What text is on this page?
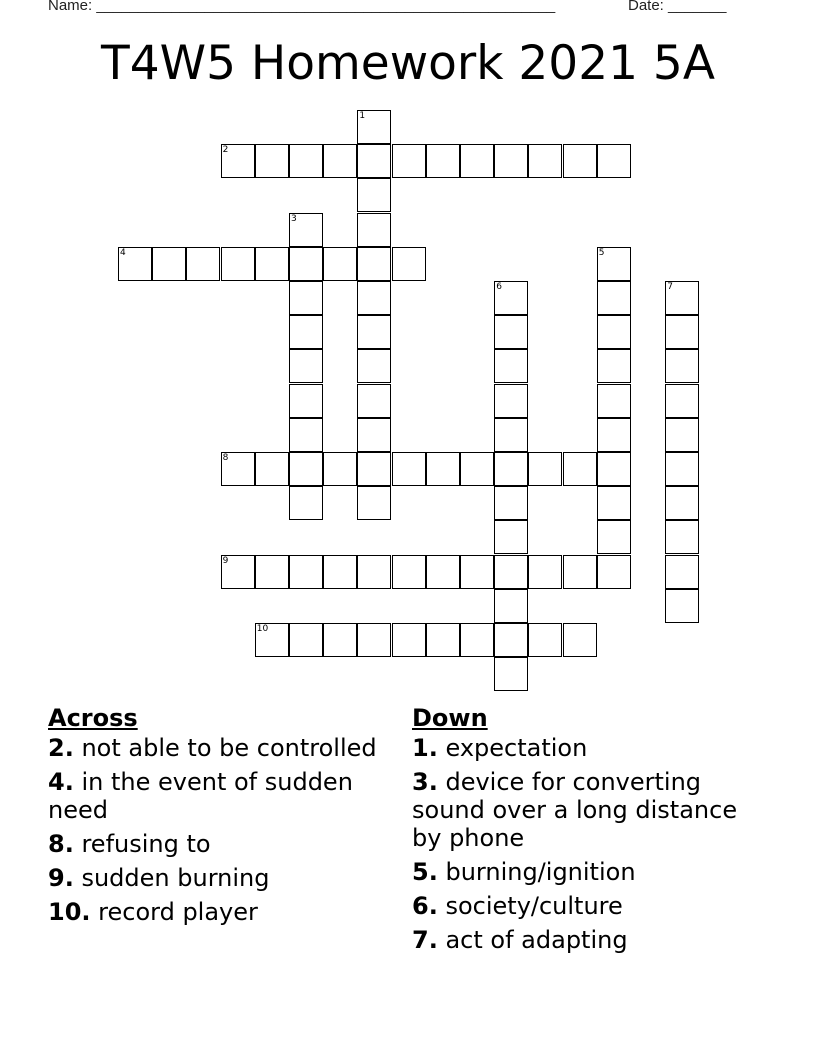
Name: _______________________________________________________	Date: _______
T4W5 Homework 2021 5A
1
2
3
4	5
6	7
8
9
10
Across
2. not able to be controlled
4. in the event of sudden need
8. refusing to
9. sudden burning
10. record player
Down
1. expectation
3. device for converting sound over a long distance by phone
5. burning/ignition
6. society/culture
7. act of adapting
